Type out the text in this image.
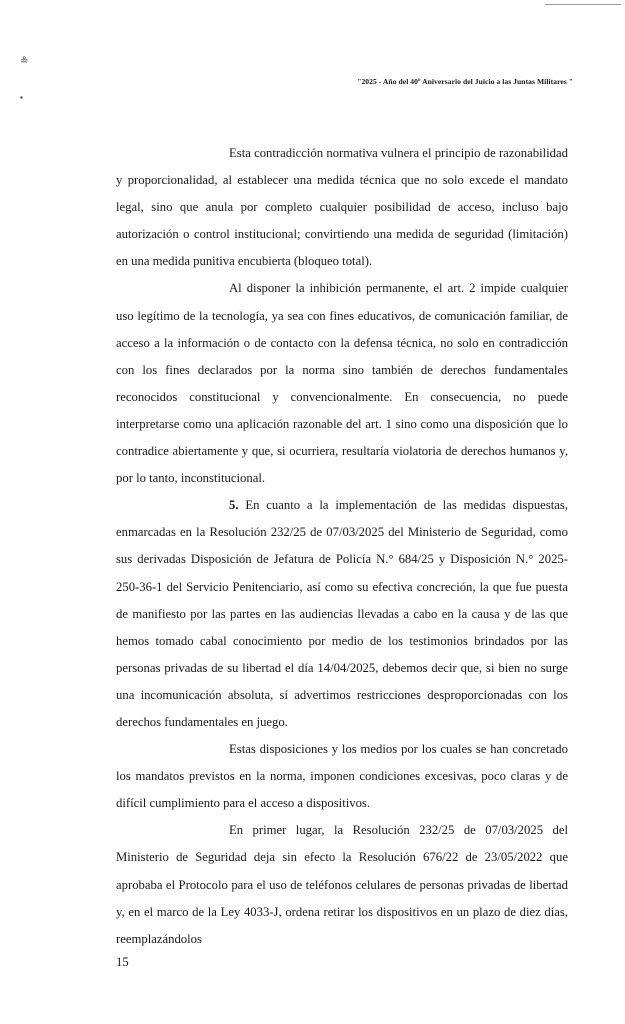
≗
▪
"2025 - Año del 40º Aniversario del Juicio a las Juntas Militares "

Esta contradicción normativa vulnera el principio de razonabilidad y proporcionalidad, al establecer una medida técnica que no solo excede el mandato legal, sino que anula por completo cualquier posibilidad de acceso, incluso bajo autorización o control institucional; convirtiendo una medida de seguridad (limitación) en una medida punitiva encubierta (bloqueo total).

Al disponer la inhibición permanente, el art. 2 impide cualquier uso legítimo de la tecnología, ya sea con fines educativos, de comunicación familiar, de acceso a la información o de contacto con la defensa técnica, no solo en contradicción con los fines declarados por la norma sino también de derechos fundamentales reconocidos constitucional y convencionalmente. En consecuencia, no puede interpretarse como una aplicación razonable del art. 1 sino como una disposición que lo contradice abiertamente y que, si ocurriera, resultaría violatoria de derechos humanos y, por lo tanto, inconstitucional.

5. En cuanto a la implementación de las medidas dispuestas, enmarcadas en la Resolución 232/25 de 07/03/2025 del Ministerio de Seguridad, como sus derivadas Disposición de Jefatura de Policía N.° 684/25 y Disposición N.° 2025-250-36-1 del Servicio Penitenciario, así como su efectiva concreción, la que fue puesta de manifiesto por las partes en las audiencias llevadas a cabo en la causa y de las que hemos tomado cabal conocimiento por medio de los testimonios brindados por las personas privadas de su libertad el día 14/04/2025, debemos decir que, si bien no surge una incomunicación absoluta, sí advertimos restricciones desproporcionadas con los derechos fundamentales en juego.

Estas disposiciones y los medios por los cuales se han concretado los mandatos previstos en la norma, imponen condiciones excesivas, poco claras y de difícil cumplimiento para el acceso a dispositivos.

En primer lugar, la Resolución 232/25 de 07/03/2025 del Ministerio de Seguridad deja sin efecto la Resolución 676/22 de 23/05/2022 que aprobaba el Protocolo para el uso de teléfonos celulares de personas privadas de libertad y, en el marco de la Ley 4033-J, ordena retirar los dispositivos en un plazo de diez días, reemplazándolos

15
